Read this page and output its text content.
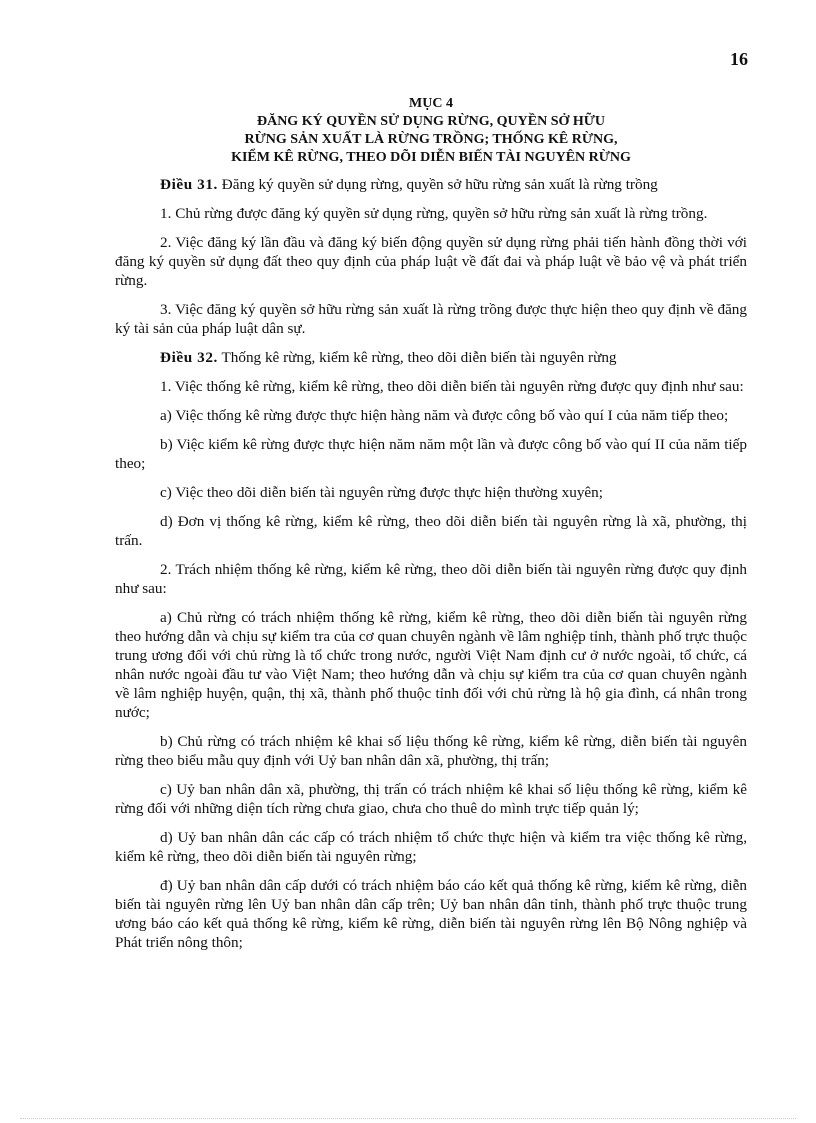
16
MỤC 4
ĐĂNG KÝ QUYỀN SỬ DỤNG RỪNG, QUYỀN SỞ HỮU
RỪNG SẢN XUẤT LÀ RỪNG TRỒNG; THỐNG KÊ RỪNG,
KIỂM KÊ RỪNG, THEO DÕI DIỄN BIẾN TÀI NGUYÊN RỪNG

Điều 31. Đăng ký quyền sử dụng rừng, quyền sở hữu rừng sản xuất là rừng trồng

1. Chủ rừng được đăng ký quyền sử dụng rừng, quyền sở hữu rừng sản xuất là rừng trồng.

2. Việc đăng ký lần đầu và đăng ký biến động quyền sử dụng rừng phải tiến hành đồng thời với đăng ký quyền sử dụng đất theo quy định của pháp luật về đất đai và pháp luật về bảo vệ và phát triển rừng.

3. Việc đăng ký quyền sở hữu rừng sản xuất là rừng trồng được thực hiện theo quy định về đăng ký tài sản của pháp luật dân sự.

Điều 32. Thống kê rừng, kiểm kê rừng, theo dõi diễn biến tài nguyên rừng

1. Việc thống kê rừng, kiểm kê rừng, theo dõi diễn biến tài nguyên rừng được quy định như sau:

a) Việc thống kê rừng được thực hiện hàng năm và được công bố vào quí I của năm tiếp theo;

b) Việc kiểm kê rừng được thực hiện năm năm một lần và được công bố vào quí II của năm tiếp theo;

c) Việc theo dõi diễn biến tài nguyên rừng được thực hiện thường xuyên;

d) Đơn vị thống kê rừng, kiểm kê rừng, theo dõi diễn biến tài nguyên rừng là xã, phường, thị trấn.

2. Trách nhiệm thống kê rừng, kiểm kê rừng, theo dõi diễn biến tài nguyên rừng được quy định như sau:

a) Chủ rừng có trách nhiệm thống kê rừng, kiểm kê rừng, theo dõi diễn biến tài nguyên rừng theo hướng dẫn và chịu sự kiểm tra của cơ quan chuyên ngành về lâm nghiệp tỉnh, thành phố trực thuộc trung ương đối với chủ rừng là tổ chức trong nước, người Việt Nam định cư ở nước ngoài, tổ chức, cá nhân nước ngoài đầu tư vào Việt Nam; theo hướng dẫn và chịu sự kiểm tra của cơ quan chuyên ngành về lâm nghiệp huyện, quận, thị xã, thành phố thuộc tỉnh đối với chủ rừng là hộ gia đình, cá nhân trong nước;

b) Chủ rừng có trách nhiệm kê khai số liệu thống kê rừng, kiểm kê rừng, diễn biến tài nguyên rừng theo biểu mẫu quy định với Uỷ ban nhân dân xã, phường, thị trấn;

c) Uỷ ban nhân dân xã, phường, thị trấn có trách nhiệm kê khai số liệu thống kê rừng, kiểm kê rừng đối với những diện tích rừng chưa giao, chưa cho thuê do mình trực tiếp quản lý;

d) Uỷ ban nhân dân các cấp có trách nhiệm tổ chức thực hiện và kiểm tra việc thống kê rừng, kiểm kê rừng, theo dõi diễn biến tài nguyên rừng;

đ) Uỷ ban nhân dân cấp dưới có trách nhiệm báo cáo kết quả thống kê rừng, kiểm kê rừng, diễn biến tài nguyên rừng lên Uỷ ban nhân dân cấp trên; Uỷ ban nhân dân tỉnh, thành phố trực thuộc trung ương báo cáo kết quả thống kê rừng, kiểm kê rừng, diễn biến tài nguyên rừng lên Bộ Nông nghiệp và Phát triển nông thôn;
